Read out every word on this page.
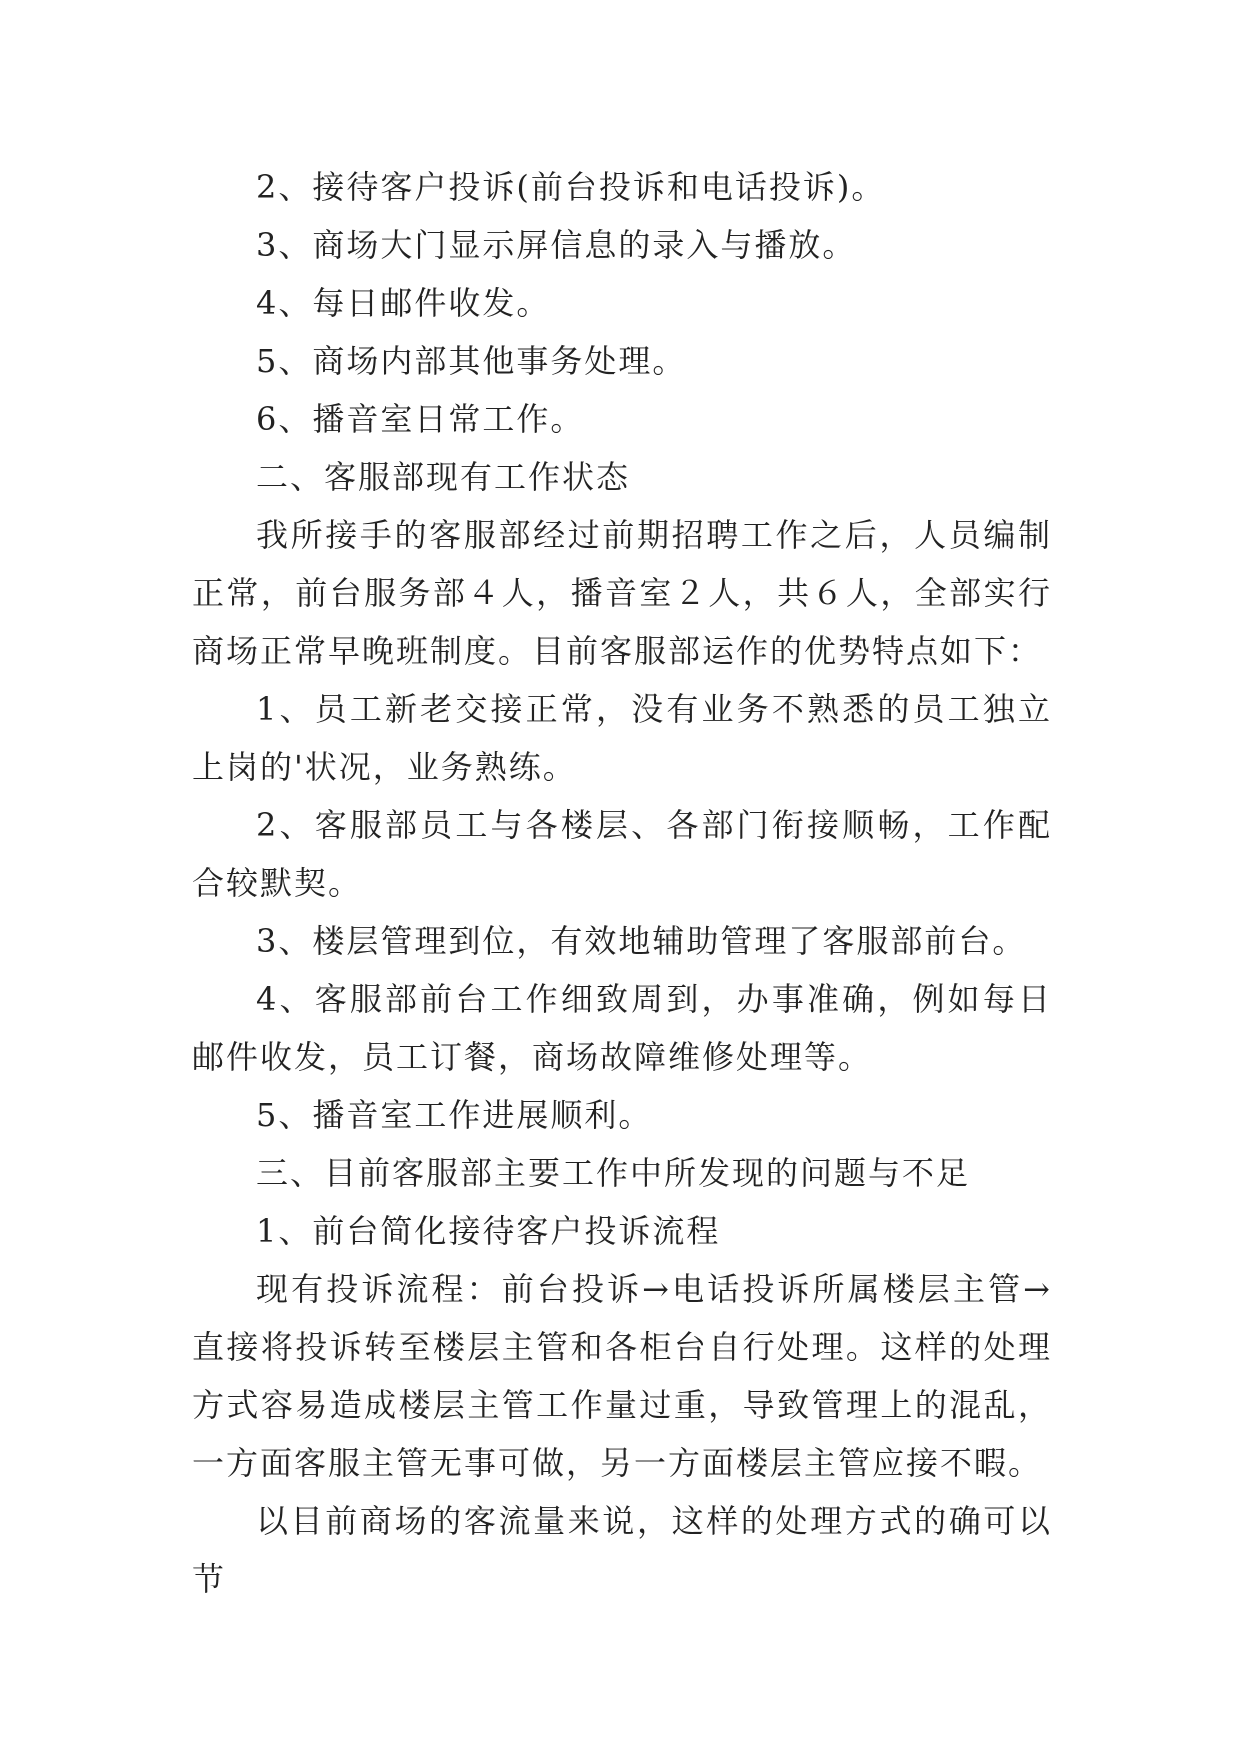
2、接待客户投诉(前台投诉和电话投诉)。

3、商场大门显示屏信息的录入与播放。

4、每日邮件收发。

5、商场内部其他事务处理。

6、播音室日常工作。

二、客服部现有工作状态

我所接手的客服部经过前期招聘工作之后，人员编制正常，前台服务部４人，播音室２人，共６人，全部实行商场正常早晚班制度。目前客服部运作的优势特点如下：

1、员工新老交接正常，没有业务不熟悉的员工独立上岗的'状况，业务熟练。

2、客服部员工与各楼层、各部门衔接顺畅，工作配合较默契。

3、楼层管理到位，有效地辅助管理了客服部前台。

4、客服部前台工作细致周到，办事准确，例如每日邮件收发，员工订餐，商场故障维修处理等。

5、播音室工作进展顺利。

三、目前客服部主要工作中所发现的问题与不足

1、前台简化接待客户投诉流程

现有投诉流程：前台投诉→电话投诉所属楼层主管→直接将投诉转至楼层主管和各柜台自行处理。这样的处理方式容易造成楼层主管工作量过重，导致管理上的混乱，一方面客服主管无事可做，另一方面楼层主管应接不暇。

以目前商场的客流量来说，这样的处理方式的确可以节
